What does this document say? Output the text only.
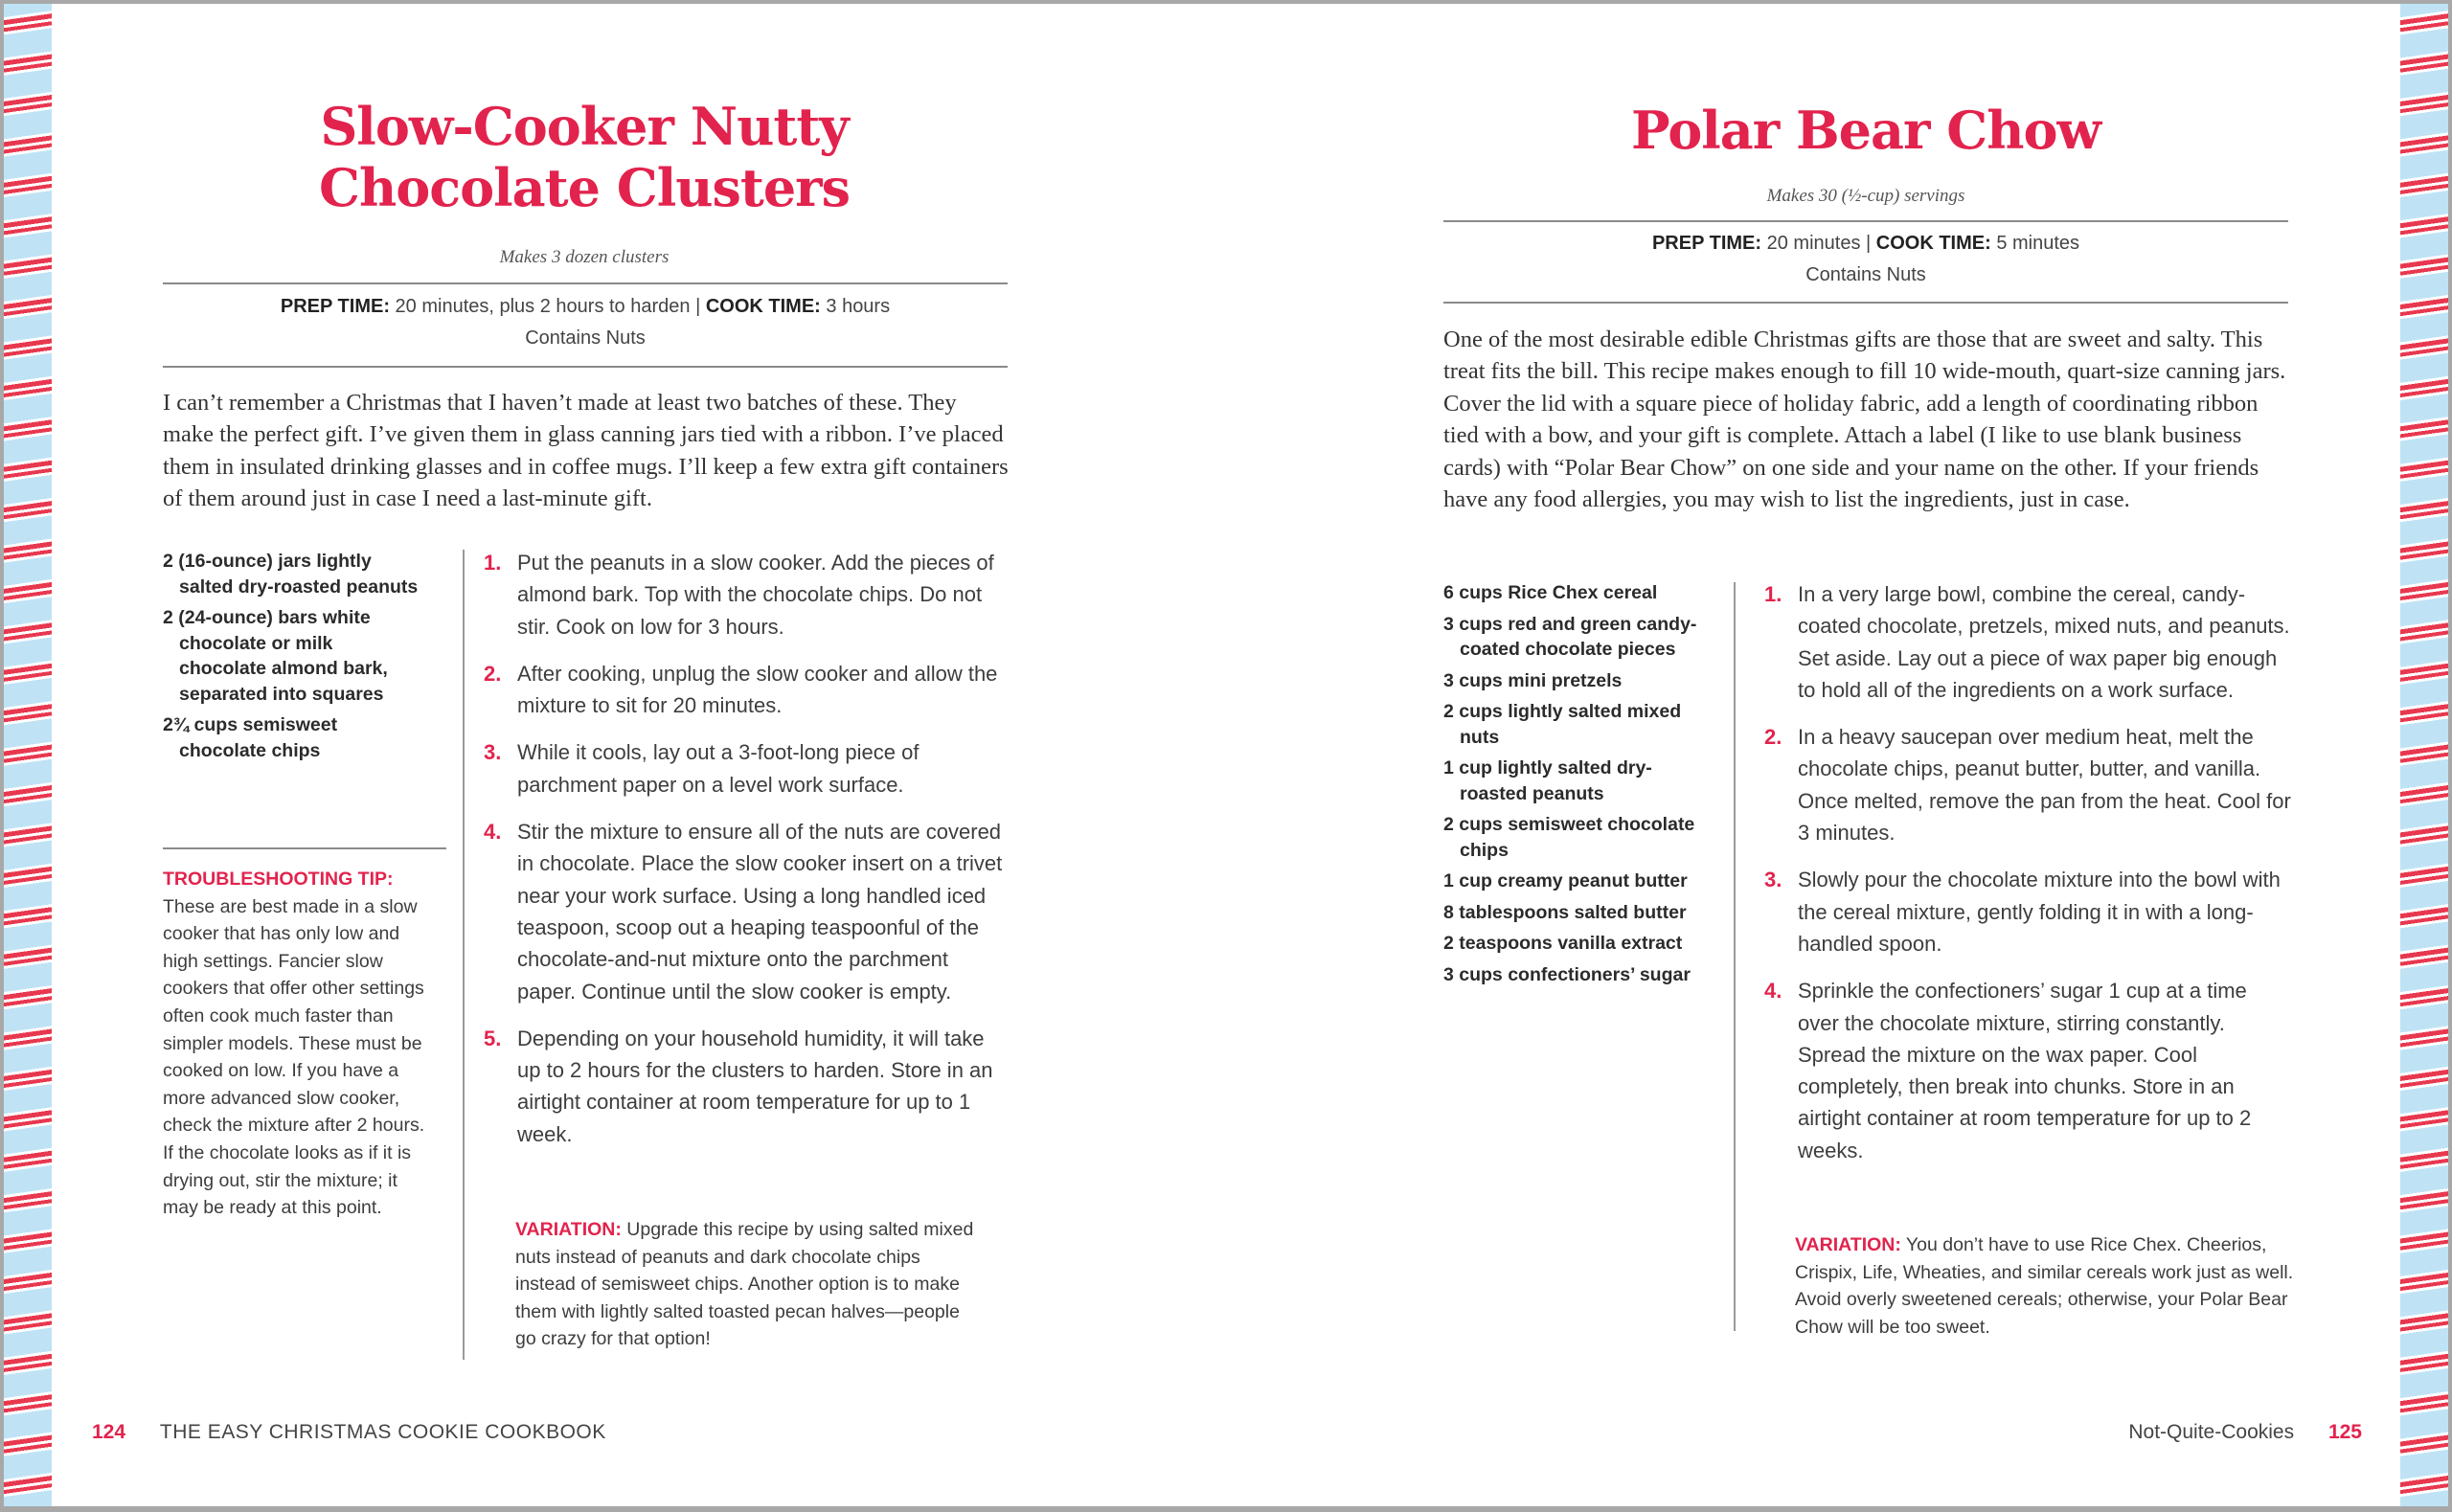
Slow-Cooker Nutty
Chocolate Clusters

Makes 3 dozen clusters

PREP TIME: 20 minutes, plus 2 hours to harden | COOK TIME: 3 hours
Contains Nuts

I can’t remember a Christmas that I haven’t made at least two batches of these. They make the perfect gift. I’ve given them in glass canning jars tied with a ribbon. I’ve placed them in insulated drinking glasses and in coffee mugs. I’ll keep a few extra gift containers of them around just in case I need a last-minute gift.

2 (16-ounce) jars lightly salted dry-roasted peanuts
2 (24-ounce) bars white chocolate or milk chocolate almond bark, separated into squares
2¾ cups semisweet chocolate chips
TROUBLESHOOTING TIP:
These are best made in a slow cooker that has only low and high settings. Fancier slow cookers that offer other settings often cook much faster than simpler models. These must be cooked on low. If you have a more advanced slow cooker, check the mixture after 2 hours. If the chocolate looks as if it is drying out, stir the mixture; it may be ready at this point.
1. Put the peanuts in a slow cooker. Add the pieces of almond bark. Top with the chocolate chips. Do not stir. Cook on low for 3 hours.
2. After cooking, unplug the slow cooker and allow the mixture to sit for 20 minutes.
3. While it cools, lay out a 3-foot-long piece of parchment paper on a level work surface.
4. Stir the mixture to ensure all of the nuts are covered in chocolate. Place the slow cooker insert on a trivet near your work surface. Using a long handled iced teaspoon, scoop out a heaping teaspoonful of the chocolate-and-nut mixture onto the parchment paper. Continue until the slow cooker is empty.
5. Depending on your household humidity, it will take up to 2 hours for the clusters to harden. Store in an airtight container at room temperature for up to 1 week.

VARIATION: Upgrade this recipe by using salted mixed nuts instead of peanuts and dark chocolate chips instead of semisweet chips. Another option is to make them with lightly salted toasted pecan halves—people go crazy for that option!

124 THE EASY CHRISTMAS COOKIE COOKBOOK

Polar Bear Chow

Makes 30 (½-cup) servings

PREP TIME: 20 minutes | COOK TIME: 5 minutes
Contains Nuts

One of the most desirable edible Christmas gifts are those that are sweet and salty. This treat fits the bill. This recipe makes enough to fill 10 wide-mouth, quart-size canning jars. Cover the lid with a square piece of holiday fabric, add a length of coordinating ribbon tied with a bow, and your gift is complete. Attach a label (I like to use blank business cards) with “Polar Bear Chow” on one side and your name on the other. If your friends have any food allergies, you may wish to list the ingredients, just in case.

6 cups Rice Chex cereal
3 cups red and green candy-coated chocolate pieces
3 cups mini pretzels
2 cups lightly salted mixed nuts
1 cup lightly salted dry-roasted peanuts
2 cups semisweet chocolate chips
1 cup creamy peanut butter
8 tablespoons salted butter
2 teaspoons vanilla extract
3 cups confectioners’ sugar
1. In a very large bowl, combine the cereal, candy-coated chocolate, pretzels, mixed nuts, and peanuts. Set aside. Lay out a piece of wax paper big enough to hold all of the ingredients on a work surface.
2. In a heavy saucepan over medium heat, melt the chocolate chips, peanut butter, butter, and vanilla. Once melted, remove the pan from the heat. Cool for 3 minutes.
3. Slowly pour the chocolate mixture into the bowl with the cereal mixture, gently folding it in with a long-handled spoon.
4. Sprinkle the confectioners’ sugar 1 cup at a time over the chocolate mixture, stirring constantly. Spread the mixture on the wax paper. Cool completely, then break into chunks. Store in an airtight container at room temperature for up to 2 weeks.

VARIATION: You don’t have to use Rice Chex. Cheerios, Crispix, Life, Wheaties, and similar cereals work just as well. Avoid overly sweetened cereals; otherwise, your Polar Bear Chow will be too sweet.

Not-Quite-Cookies 125
